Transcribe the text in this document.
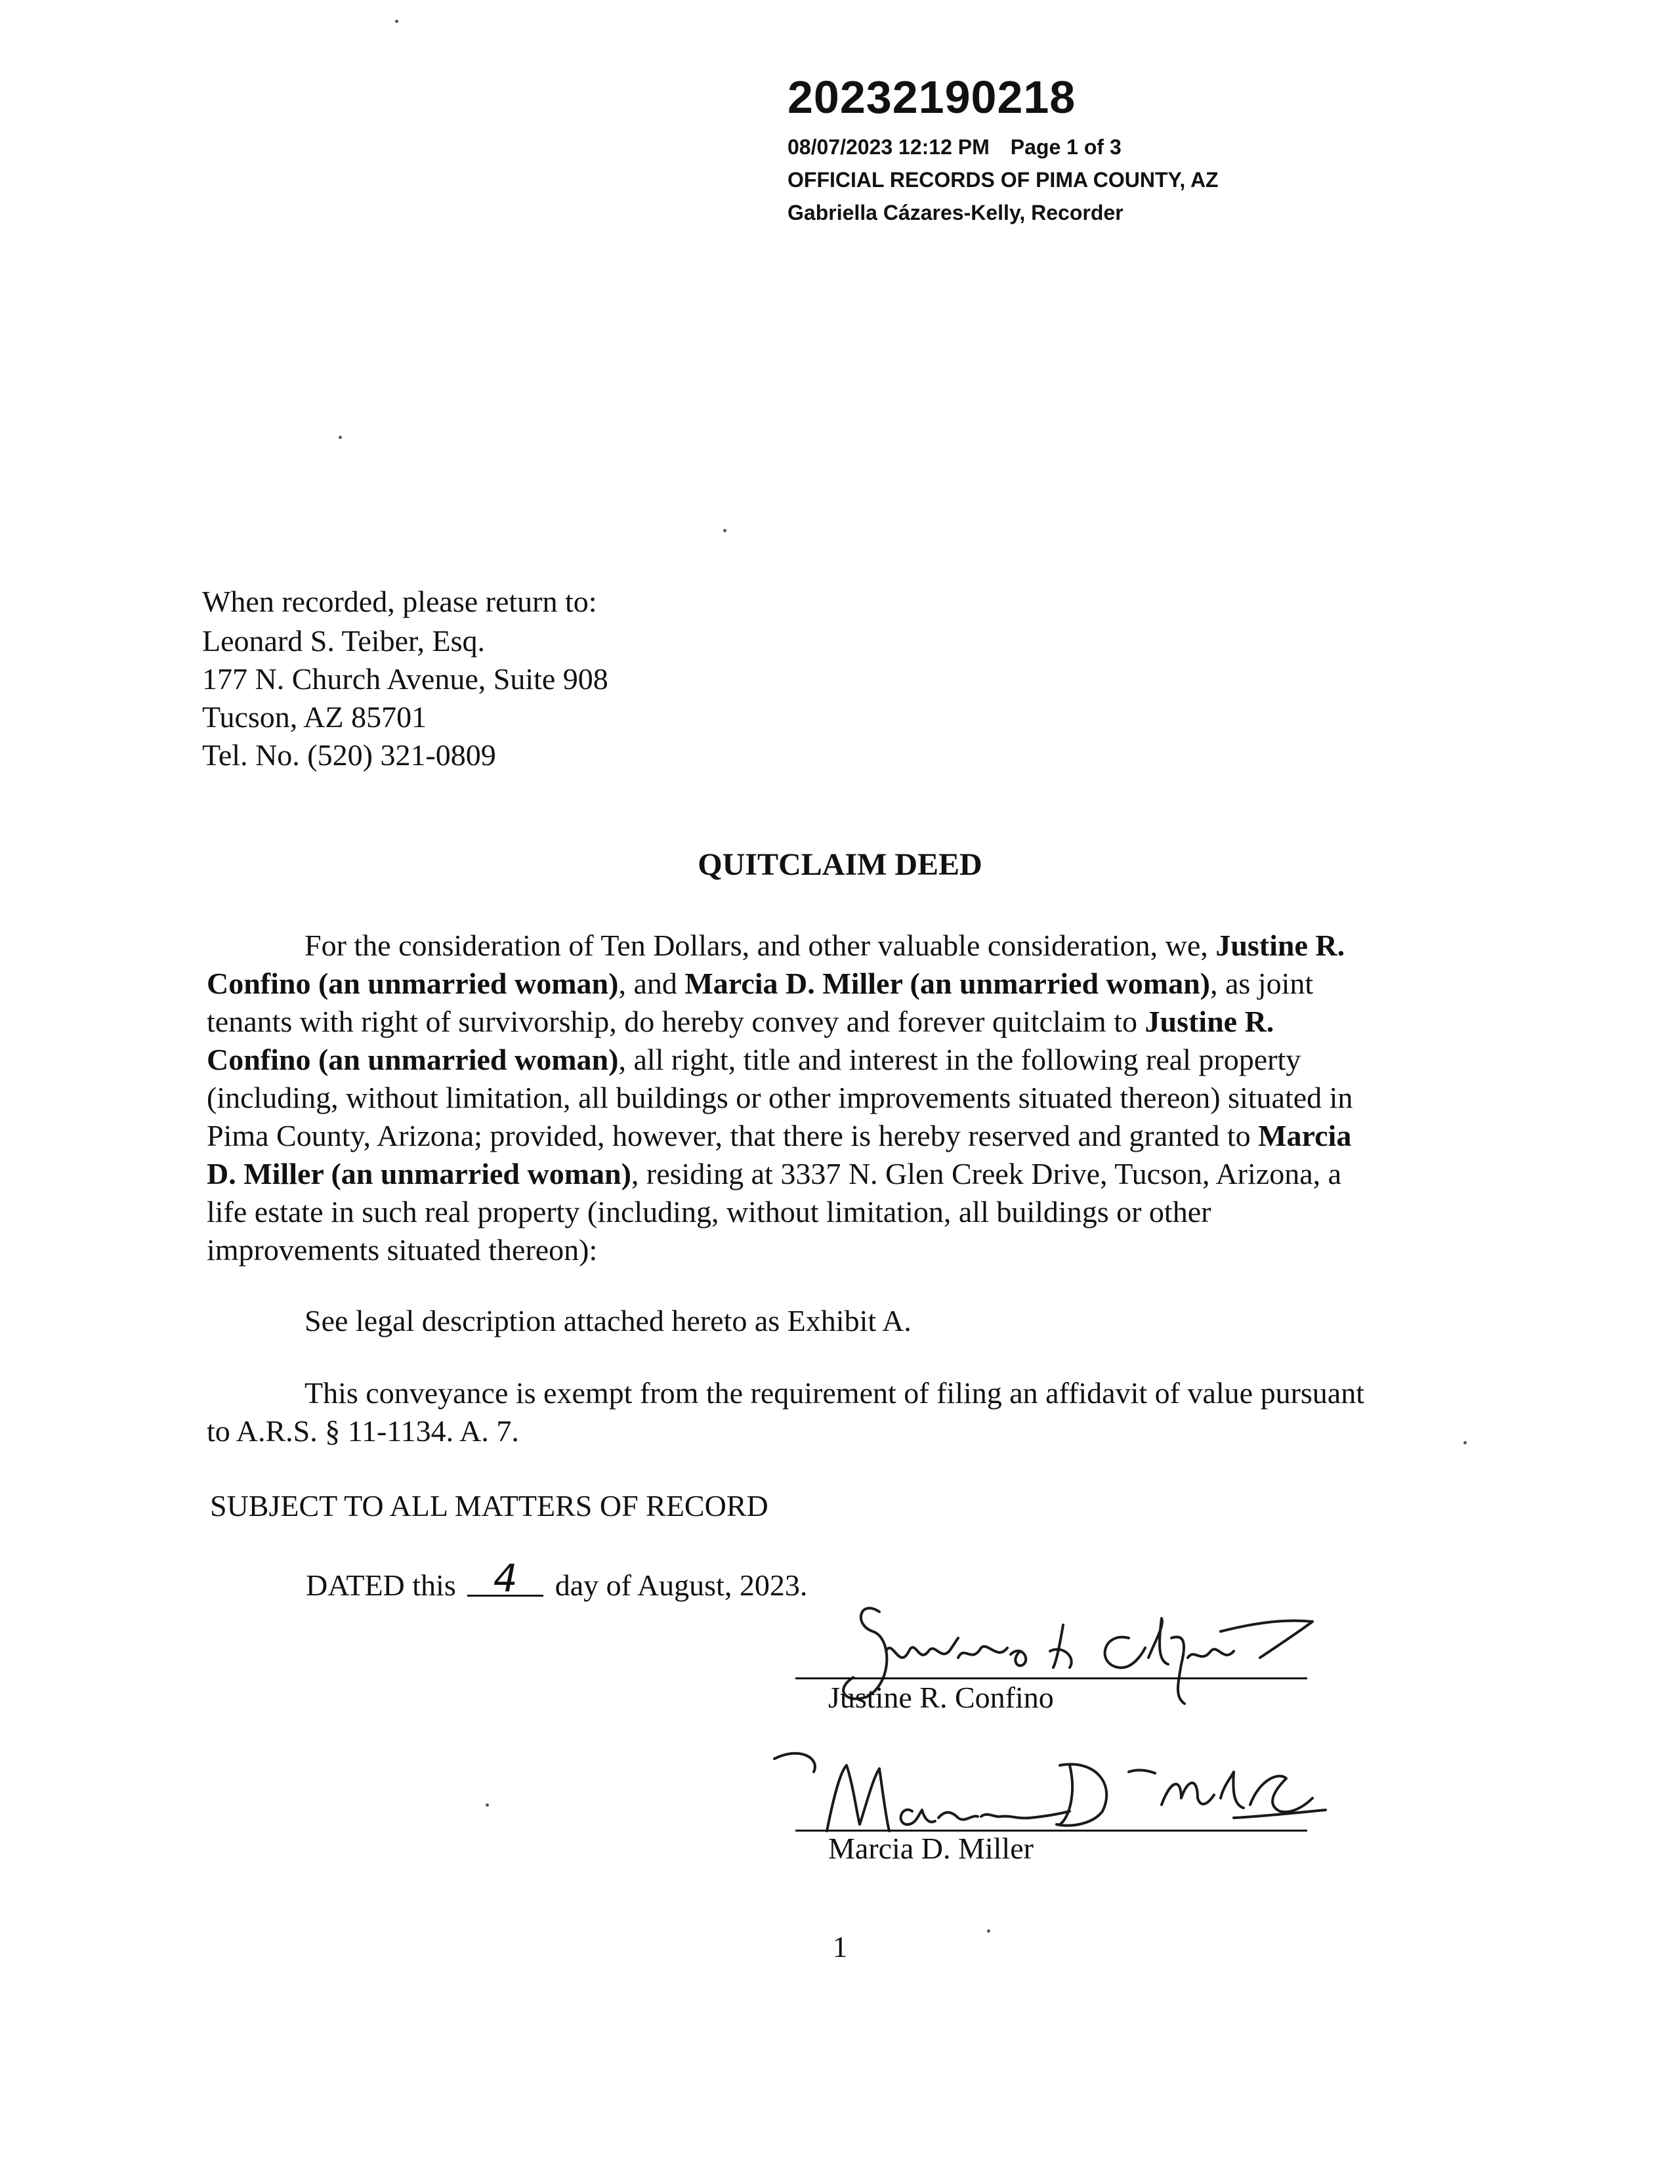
20232190218
08/07/2023 12:12 PM Page 1 of 3
OFFICIAL RECORDS OF PIMA COUNTY, AZ
Gabriella Cázares-Kelly, Recorder
When recorded, please return to:
Leonard S. Teiber, Esq.
177 N. Church Avenue, Suite 908
Tucson, AZ 85701
Tel. No. (520) 321-0809
QUITCLAIM DEED
For the consideration of Ten Dollars, and other valuable consideration, we, Justine R.
Confino (an unmarried woman), and Marcia D. Miller (an unmarried woman), as joint
tenants with right of survivorship, do hereby convey and forever quitclaim to Justine R.
Confino (an unmarried woman), all right, title and interest in the following real property
(including, without limitation, all buildings or other improvements situated thereon) situated in
Pima County, Arizona; provided, however, that there is hereby reserved and granted to Marcia
D. Miller (an unmarried woman), residing at 3337 N. Glen Creek Drive, Tucson, Arizona, a
life estate in such real property (including, without limitation, all buildings or other
improvements situated thereon):
See legal description attached hereto as Exhibit A.
This conveyance is exempt from the requirement of filing an affidavit of value pursuant
to A.R.S. § 11-1134. A. 7.
SUBJECT TO ALL MATTERS OF RECORD
DATED this 4 day of August, 2023.
Justine R. Confino
Marcia D. Miller
1
